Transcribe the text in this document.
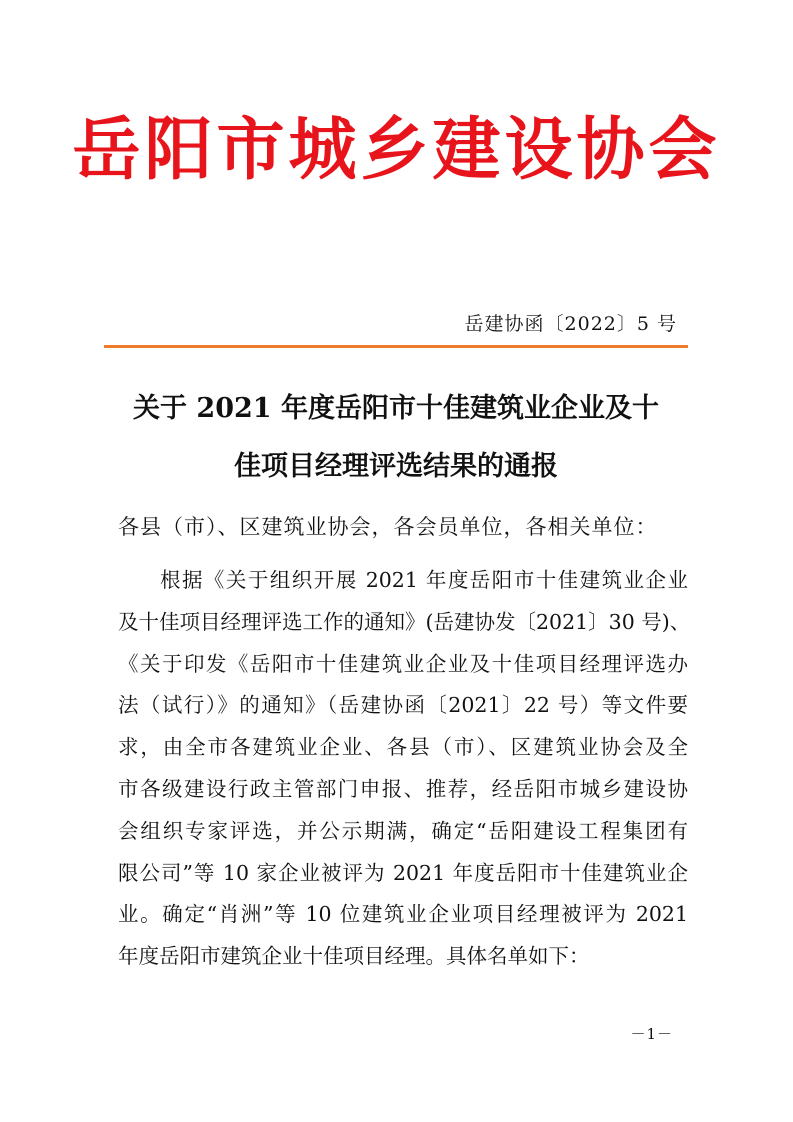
岳阳市城乡建设协会
岳建协函〔2022〕5 号
关于 2021 年度岳阳市十佳建筑业企业及十
佳项目经理评选结果的通报
各县（市）、区建筑业协会，各会员单位，各相关单位：
根据《关于组织开展 2021 年度岳阳市十佳建筑业企业
及十佳项目经理评选工作的通知》(岳建协发〔2021〕30 号)、
《关于印发《岳阳市十佳建筑业企业及十佳项目经理评选办
法（试行）》的通知》（岳建协函〔2021〕22 号）等文件要
求，由全市各建筑业企业、各县（市）、区建筑业协会及全
市各级建设行政主管部门申报、推荐，经岳阳市城乡建设协
会组织专家评选，并公示期满，确定“岳阳建设工程集团有
限公司”等 10 家企业被评为 2021 年度岳阳市十佳建筑业企
业。确定“肖洲”等 10 位建筑业企业项目经理被评为 2021
年度岳阳市建筑企业十佳项目经理。具体名单如下：
－1－
